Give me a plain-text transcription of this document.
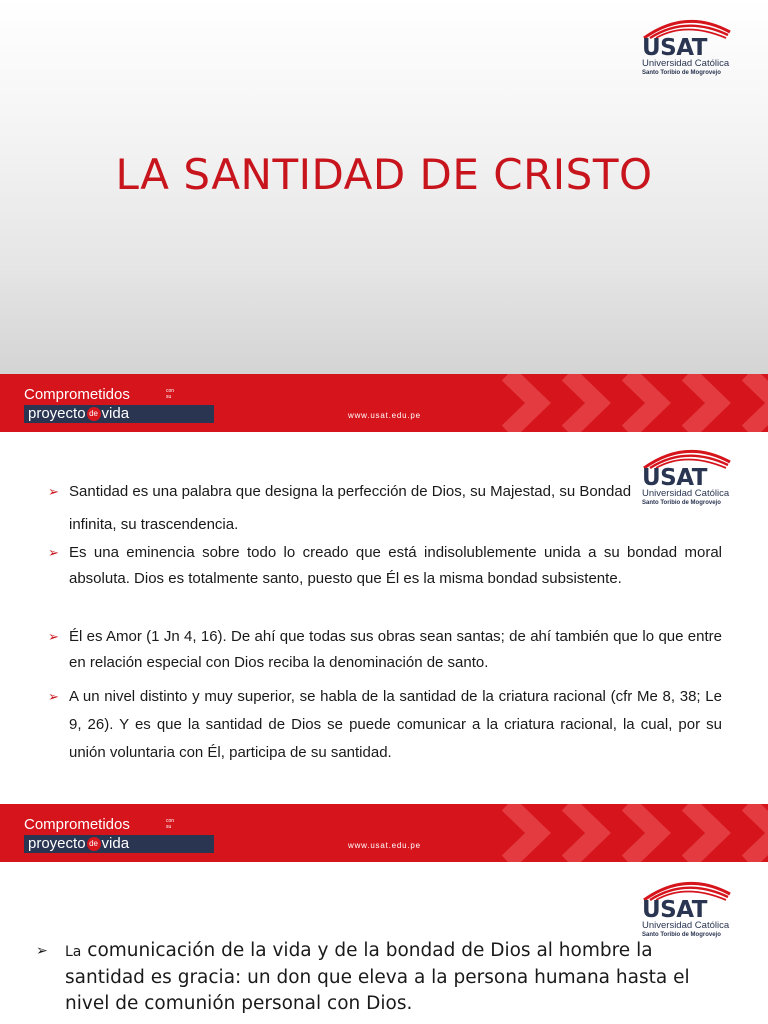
USAT
Universidad Católica
Santo Toribio de Mogrovejo
LA SANTIDAD DE CRISTO
Comprometidos	con
su
proyecto de vida	www.usat.edu.pe
USAT
Universidad Católica
Santo Toribio de Mogrovejo
➢ Santidad es una palabra que designa la perfección de Dios, su Majestad, su Bondad infinita, su trascendencia.
➢ Es una eminencia sobre todo lo creado que está indisolublemente unida a su bondad moral absoluta. Dios es totalmente santo, puesto que Él es la misma bondad subsistente.
➢ Él es Amor (1 Jn 4, 16). De ahí que todas sus obras sean santas; de ahí también que lo que entre en relación especial con Dios reciba la denominación de santo.
➢ A un nivel distinto y muy superior, se habla de la santidad de la criatura racional (cfr Me 8, 38; Le 9, 26). Y es que la santidad de Dios se puede comunicar a la criatura racional, la cual, por su unión voluntaria con Él, participa de su santidad.
Comprometidos	con
su
proyecto de vida	www.usat.edu.pe
USAT
Universidad Católica
Santo Toribio de Mogrovejo
➢ La comunicación de la vida y de la bondad de Dios al hombre la santidad es gracia: un don que eleva a la persona humana hasta el nivel de comunión personal con Dios.
